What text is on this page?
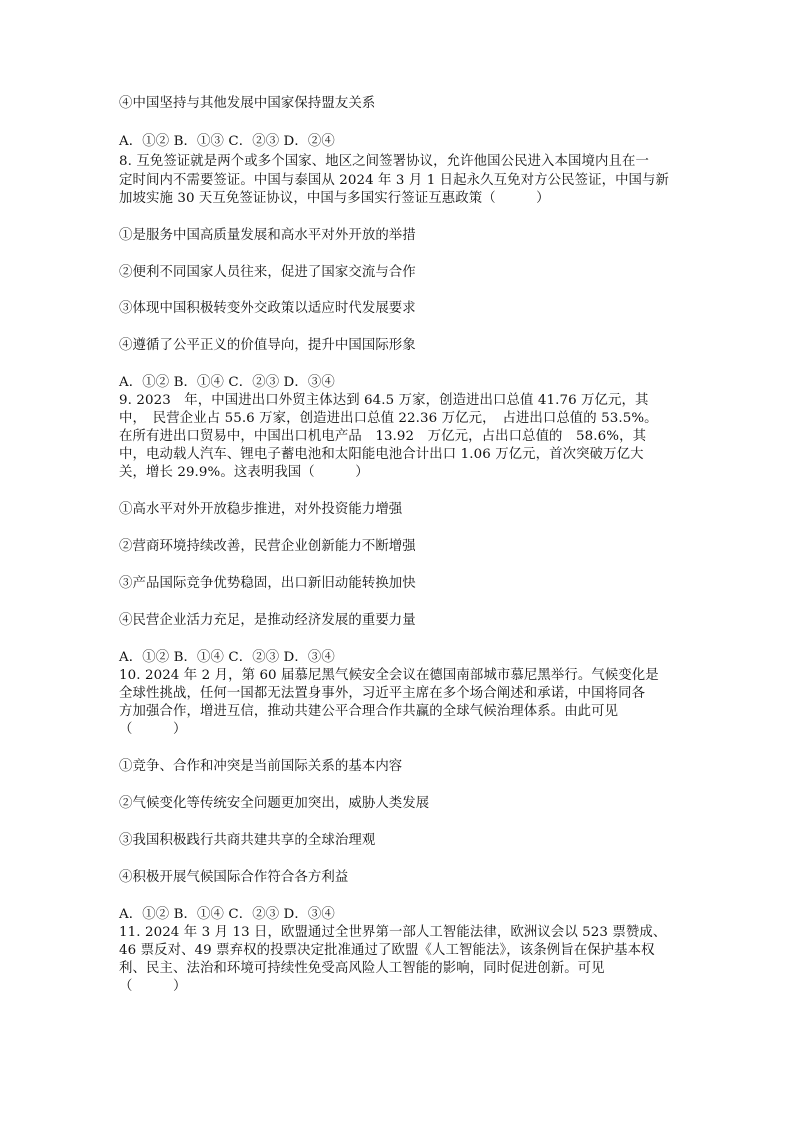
④中国坚持与其他发展中国家保持盟友关系
A．①② B．①③ C．②③ D．②④
8. 互免签证就是两个或多个国家、地区之间签署协议，允许他国公民进入本国境内且在一
定时间内不需要签证。中国与泰国从 2024 年 3 月 1 日起永久互免对方公民签证，中国与新
加坡实施 30 天互免签证协议，中国与多国实行签证互惠政策（　　　）
①是服务中国高质量发展和高水平对外开放的举措
②便利不同国家人员往来，促进了国家交流与合作
③体现中国积极转变外交政策以适应时代发展要求
④遵循了公平正义的价值导向，提升中国国际形象
A．①② B．①④ C．②③ D．③④
9. 2023　年，中国进出口外贸主体达到 64.5 万家，创造进出口总值 41.76 万亿元，其
中，　民营企业占 55.6 万家，创造进出口总值 22.36 万亿元，　占进出口总值的 53.5%。
在所有进出口贸易中，中国出口机电产品　13.92　万亿元，占出口总值的　58.6%，其
中，电动载人汽车、锂电子蓄电池和太阳能电池合计出口 1.06 万亿元，首次突破万亿大
关，增长 29.9%。这表明我国（　　　）
①高水平对外开放稳步推进，对外投资能力增强
②营商环境持续改善，民营企业创新能力不断增强
③产品国际竞争优势稳固，出口新旧动能转换加快
④民营企业活力充足，是推动经济发展的重要力量
A．①② B．①④ C．②③ D．③④
10. 2024 年 2 月，第 60 届慕尼黑气候安全会议在德国南部城市慕尼黑举行。气候变化是
全球性挑战，任何一国都无法置身事外，习近平主席在多个场合阐述和承诺，中国将同各
方加强合作，增进互信，推动共建公平合理合作共赢的全球气候治理体系。由此可见
（　　　）
①竞争、合作和冲突是当前国际关系的基本内容
②气候变化等传统安全问题更加突出，威胁人类发展
③我国积极践行共商共建共享的全球治理观
④积极开展气候国际合作符合各方利益
A．①② B．①④ C．②③ D．③④
11. 2024 年 3 月 13 日，欧盟通过全世界第一部人工智能法律，欧洲议会以 523 票赞成、
46 票反对、49 票弃权的投票决定批准通过了欧盟《人工智能法》，该条例旨在保护基本权
利、民主、法治和环境可持续性免受高风险人工智能的影响，同时促进创新。可见
（　　　）
